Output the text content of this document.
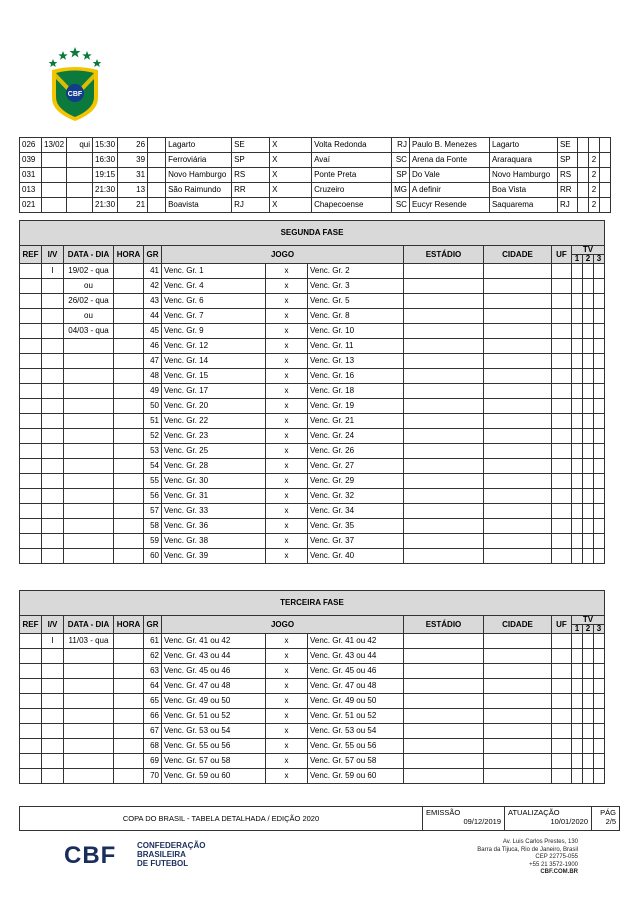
CBF
026	13/02	qui	15:30	26		Lagarto	SE	X	Volta Redonda	RJ	Paulo B. Menezes	Lagarto	SE			
039			16:30	39		Ferroviária	SP	X	Avaí	SC	Arena da Fonte	Araraquara	SP		2	
031			19:15	31		Novo Hamburgo	RS	X	Ponte Preta	SP	Do Vale	Novo Hamburgo	RS		2	
013			21:30	13		São Raimundo	RR	X	Cruzeiro	MG	A definir	Boa Vista	RR		2	
021			21:30	21		Boavista	RJ	X	Chapecoense	SC	Eucyr Resende	Saquarema	RJ		2	
SEGUNDA FASE													
REF	I/V	DATA - DIA	HORA	GR	JOGO			ESTÁDIO	CIDADE	UF	TV		
											1	2	3
	I	19/02 - qua		41	Venc. Gr. 1	x	Venc. Gr. 2						
		ou		42	Venc. Gr. 4	x	Venc. Gr. 3						
		26/02 - qua		43	Venc. Gr. 6	x	Venc. Gr. 5						
		ou		44	Venc. Gr. 7	x	Venc. Gr. 8						
		04/03 - qua		45	Venc. Gr. 9	x	Venc. Gr. 10						
				46	Venc. Gr. 12	x	Venc. Gr. 11						
				47	Venc. Gr. 14	x	Venc. Gr. 13						
				48	Venc. Gr. 15	x	Venc. Gr. 16						
				49	Venc. Gr. 17	x	Venc. Gr. 18						
				50	Venc. Gr. 20	x	Venc. Gr. 19						
				51	Venc. Gr. 22	x	Venc. Gr. 21						
				52	Venc. Gr. 23	x	Venc. Gr. 24						
				53	Venc. Gr. 25	x	Venc. Gr. 26						
				54	Venc. Gr. 28	x	Venc. Gr. 27						
				55	Venc. Gr. 30	x	Venc. Gr. 29						
				56	Venc. Gr. 31	x	Venc. Gr. 32						
				57	Venc. Gr. 33	x	Venc. Gr. 34						
				58	Venc. Gr. 36	x	Venc. Gr. 35						
				59	Venc. Gr. 38	x	Venc. Gr. 37						
				60	Venc. Gr. 39	x	Venc. Gr. 40						
TERCEIRA FASE													
REF	I/V	DATA - DIA	HORA	GR	JOGO			ESTÁDIO	CIDADE	UF	TV		
											1	2	3
	I	11/03 - qua		61	Venc. Gr. 41 ou 42	x	Venc. Gr. 41 ou 42						
				62	Venc. Gr. 43 ou 44	x	Venc. Gr. 43 ou 44						
				63	Venc. Gr. 45 ou 46	x	Venc. Gr. 45 ou 46						
				64	Venc. Gr. 47 ou 48	x	Venc. Gr. 47 ou 48						
				65	Venc. Gr. 49 ou 50	x	Venc. Gr. 49 ou 50						
				66	Venc. Gr. 51 ou 52	x	Venc. Gr. 51 ou 52						
				67	Venc. Gr. 53 ou 54	x	Venc. Gr. 53 ou 54						
				68	Venc. Gr. 55 ou 56	x	Venc. Gr. 55 ou 56						
				69	Venc. Gr. 57 ou 58	x	Venc. Gr. 57 ou 58						
				70	Venc. Gr. 59 ou 60	x	Venc. Gr. 59 ou 60						
COPA DO BRASIL - TABELA DETALHADA / EDIÇÃO 2020	EMISSÃO
09/12/2019
	ATUALIZAÇÃO
10/01/2020
	PÁG
2/5
CBF	CONFEDERAÇÃO
BRASILEIRA
DE FUTEBOL
Av. Luis Carlos Prestes, 130
Barra da Tijuca, Rio de Janeiro, Brasil
CEP 22775-055
+55 21 3572-1900
CBF.COM.BR
